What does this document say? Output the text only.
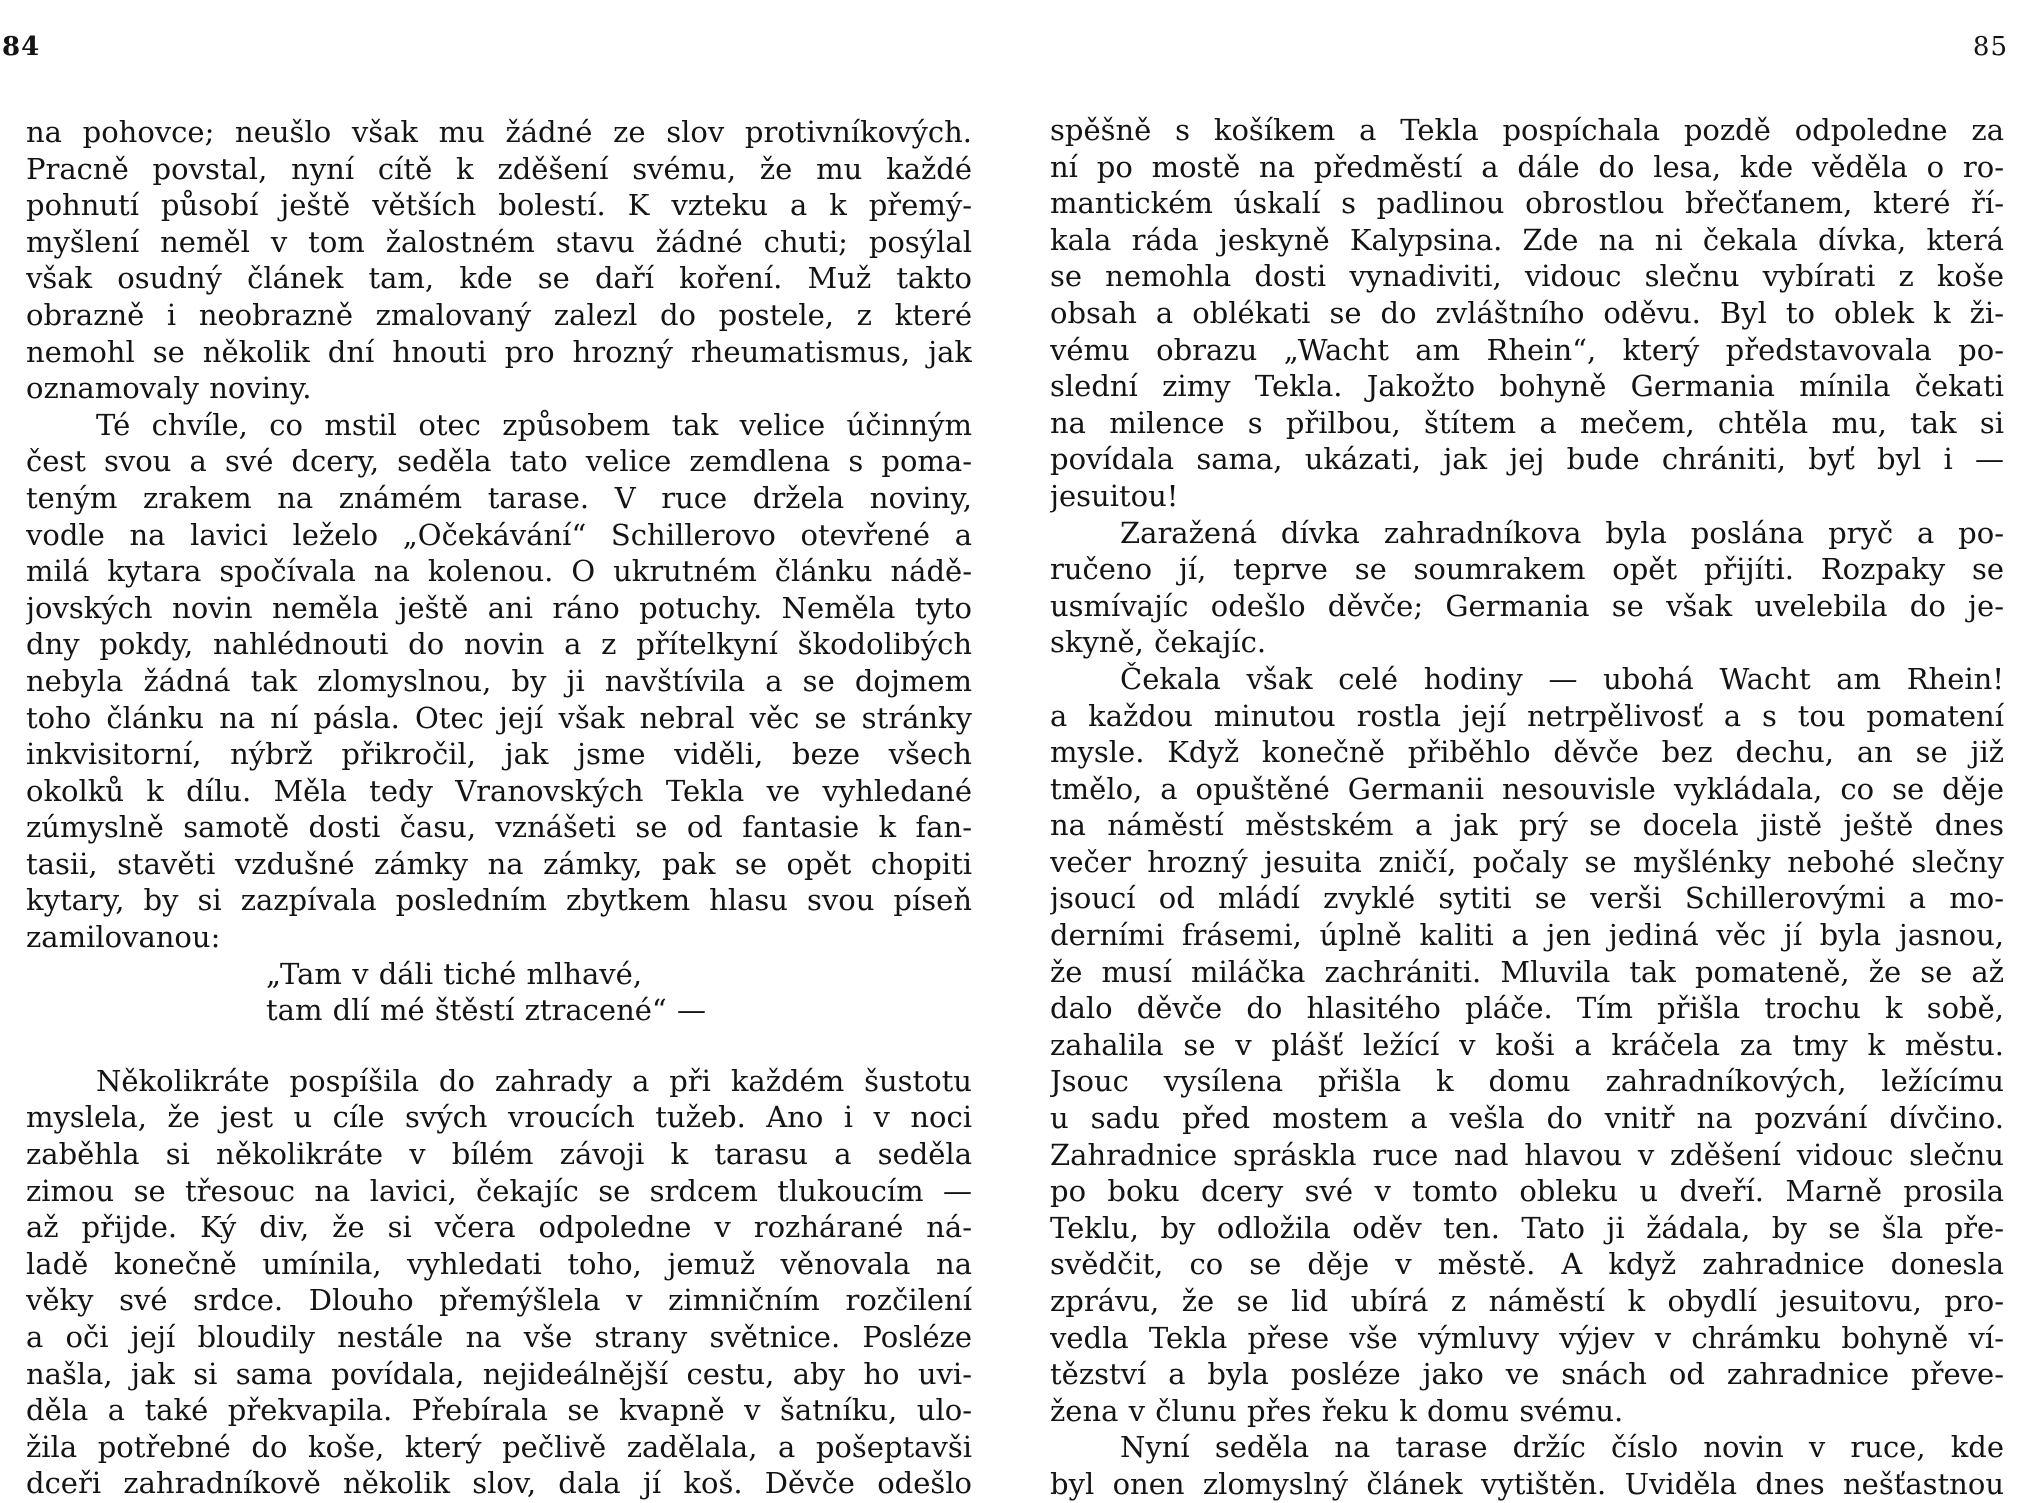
84
na pohovce; neušlo však mu žádné ze slov protivníkových.
Pracně povstal, nyní cítě k zděšení svému, že mu každé
pohnutí působí ještě větších bolestí. K vzteku a k přemý-
myšlení neměl v tom žalostném stavu žádné chuti; posýlal
však osudný článek tam, kde se daří koření. Muž takto
obrazně i neobrazně zmalovaný zalezl do postele, z které
nemohl se několik dní hnouti pro hrozný rheumatismus, jak
oznamovaly noviny.
Té chvíle, co mstil otec způsobem tak velice účinným
čest svou a své dcery, seděla tato velice zemdlena s poma-
teným zrakem na známém tarase. V ruce držela noviny,
vodle na lavici leželo „Očekávání“ Schillerovo otevřené a
milá kytara spočívala na kolenou. O ukrutném článku nádě-
jovských novin neměla ještě ani ráno potuchy. Neměla tyto
dny pokdy, nahlédnouti do novin a z přítelkyní škodolibých
nebyla žádná tak zlomyslnou, by ji navštívila a se dojmem
toho článku na ní pásla. Otec její však nebral věc se stránky
inkvisitorní, nýbrž přikročil, jak jsme viděli, beze všech
okolků k dílu. Měla tedy Vranovských Tekla ve vyhledané
zúmyslně samotě dosti času, vznášeti se od fantasie k fan-
tasii, stavěti vzdušné zámky na zámky, pak se opět chopiti
kytary, by si zazpívala posledním zbytkem hlasu svou píseň
zamilovanou:
„Tam v dáli tiché mlhavé,
tam dlí mé štěstí ztracené“ —
Několikráte pospíšila do zahrady a při každém šustotu
myslela, že jest u cíle svých vroucích tužeb. Ano i v noci
zaběhla si několikráte v bílém závoji k tarasu a seděla
zimou se třesouc na lavici, čekajíc se srdcem tlukoucím —
až přijde. Ký div, že si včera odpoledne v rozhárané ná-
ladě konečně umínila, vyhledati toho, jemuž věnovala na
věky své srdce. Dlouho přemýšlela v zimničním rozčilení
a oči její bloudily nestále na vše strany světnice. Posléze
našla, jak si sama povídala, nejideálnější cestu, aby ho uvi-
děla a také překvapila. Přebírala se kvapně v šatníku, ulo-
žila potřebné do koše, který pečlivě zadělala, a pošeptavši
dceři zahradníkově několik slov, dala jí koš. Děvče odešlo
85
spěšně s košíkem a Tekla pospíchala pozdě odpoledne za
ní po mostě na předměstí a dále do lesa, kde věděla o ro-
mantickém úskalí s padlinou obrostlou břečťanem, které ří-
kala ráda jeskyně Kalypsina. Zde na ni čekala dívka, která
se nemohla dosti vynadiviti, vidouc slečnu vybírati z koše
obsah a oblékati se do zvláštního oděvu. Byl to oblek k ži-
vému obrazu „Wacht am Rhein“, který představovala po-
slední zimy Tekla. Jakožto bohyně Germania mínila čekati
na milence s přilbou, štítem a mečem, chtěla mu, tak si
povídala sama, ukázati, jak jej bude chrániti, byť byl i —
jesuitou!
Zaražená dívka zahradníkova byla poslána pryč a po-
ručeno jí, teprve se soumrakem opět přijíti. Rozpaky se
usmívajíc odešlo děvče; Germania se však uvelebila do je-
skyně, čekajíc.
Čekala však celé hodiny — ubohá Wacht am Rhein!
a každou minutou rostla její netrpělivosť a s tou pomatení
mysle. Když konečně přiběhlo děvče bez dechu, an se již
tmělo, a opuštěné Germanii nesouvisle vykládala, co se děje
na náměstí městském a jak prý se docela jistě ještě dnes
večer hrozný jesuita zničí, počaly se myšlénky nebohé slečny
jsoucí od mládí zvyklé sytiti se verši Schillerovými a mo-
derními frásemi, úplně kaliti a jen jediná věc jí byla jasnou,
že musí miláčka zachrániti. Mluvila tak pomateně, že se až
dalo děvče do hlasitého pláče. Tím přišla trochu k sobě,
zahalila se v plášť ležící v koši a kráčela za tmy k městu.
Jsouc vysílena přišla k domu zahradníkových, ležícímu
u sadu před mostem a vešla do vnitř na pozvání dívčino.
Zahradnice spráskla ruce nad hlavou v zděšení vidouc slečnu
po boku dcery své v tomto obleku u dveří. Marně prosila
Teklu, by odložila oděv ten. Tato ji žádala, by se šla pře-
svědčit, co se děje v městě. A když zahradnice donesla
zprávu, že se lid ubírá z náměstí k obydlí jesuitovu, pro-
vedla Tekla přese vše výmluvy výjev v chrámku bohyně ví-
tězství a byla posléze jako ve snách od zahradnice převe-
žena v člunu přes řeku k domu svému.
Nyní seděla na tarase držíc číslo novin v ruce, kde
byl onen zlomyslný článek vytištěn. Uviděla dnes nešťastnou
